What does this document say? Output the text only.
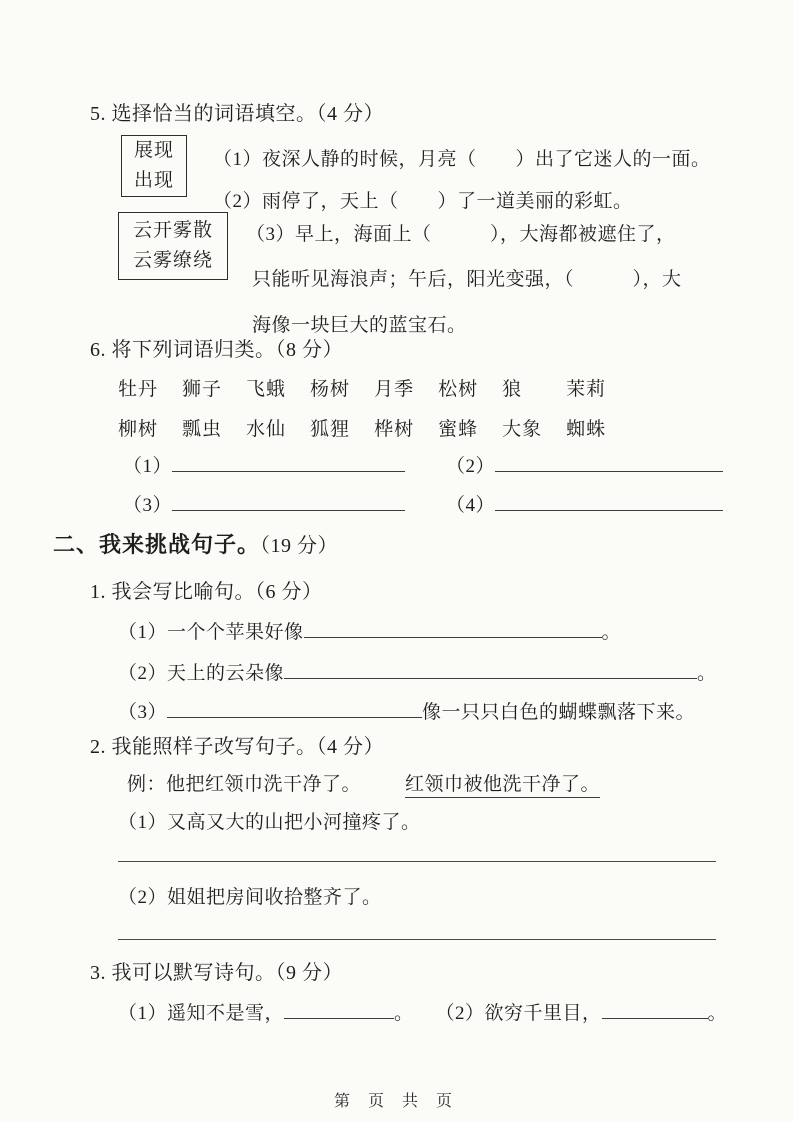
5. 选择恰当的词语填空。（4 分）
展现
出现
（1）夜深人静的时候，月亮（　　）出了它迷人的一面。
（2）雨停了，天上（　　）了一道美丽的彩虹。
云开雾散
云雾缭绕
（3）早上，海面上（　　　），大海都被遮住了，
只能听见海浪声；午后，阳光变强，（　　　），大
海像一块巨大的蓝宝石。
6. 将下列词语归类。（8 分）
牡丹 狮子 飞蛾 杨树 月季 松树 狼 茉莉
柳树 瓢虫 水仙 狐狸 桦树 蜜蜂 大象 蜘蛛
（1）	（2）
（3）	（4）
二、我来挑战句子。（19 分）
1. 我会写比喻句。（6 分）
（1）一个个苹果好像	。
（2）天上的云朵像	。
（3）	像一只只白色的蝴蝶飘落下来。
2. 我能照样子改写句子。（4 分）
例：他把红领巾洗干净了。 红领巾被他洗干净了。
（1）又高又大的山把小河撞疼了。
（2）姐姐把房间收拾整齐了。
3. 我可以默写诗句。（9 分）
（1）遥知不是雪，	。 （2）欲穷千里目，	。
第 页 共 页
